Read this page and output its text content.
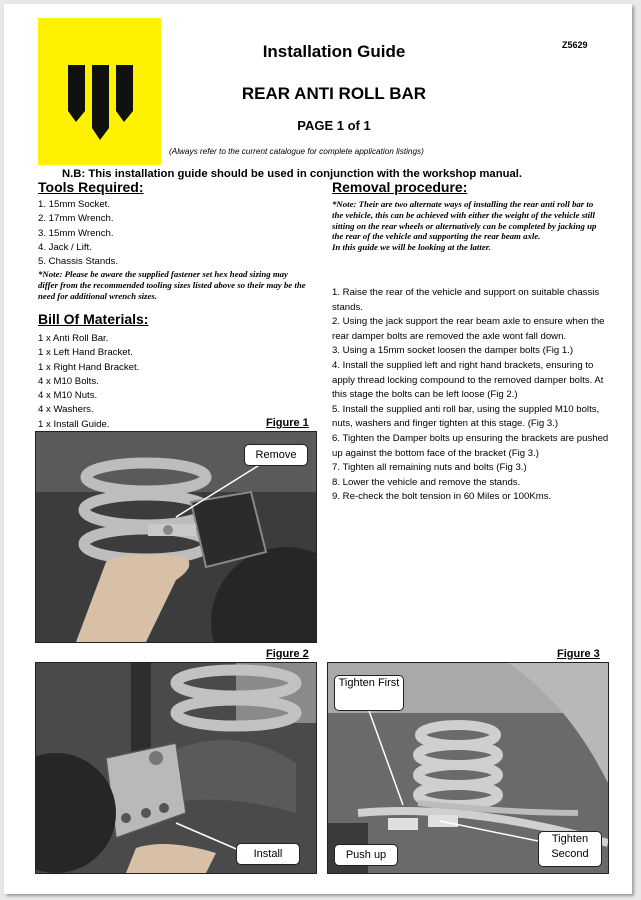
Z5629
Installation Guide
REAR ANTI ROLL BAR
PAGE 1 of 1
(Always refer to the current catalogue for complete application listings)
N.B: This installation guide should be used in conjunction with the workshop manual.
Tools Required:
1. 15mm Socket.
2. 17mm Wrench.
3. 15mm Wrench.
4. Jack / Lift.
5. Chassis Stands.
*Note: Please be aware the supplied fastener set hex head sizing may differ from the recommended tooling sizes listed above so their may be the need for additional wrench sizes.
Bill Of Materials:
1 x Anti Roll Bar.
1 x Left Hand Bracket.
1 x Right Hand Bracket.
4 x M10 Bolts.
4 x M10 Nuts.
4 x Washers.
1 x Install Guide.
Removal procedure:
*Note: Their are two alternate ways of installing the rear anti roll bar to the vehicle, this can be achieved with either the weight of the vehicle still sitting on the rear wheels or alternatively can be completed by jacking up the rear of the vehicle and supporting the rear beam axle.
In this guide we will be looking at the latter.
1. Raise the rear of the vehicle and support on suitable chassis stands.
2. Using the jack support the rear beam axle to ensure when the rear damper bolts are removed the axle wont fall down.
3. Using a 15mm socket loosen the damper bolts (Fig 1.)
4. Install the supplied left and right hand brackets, ensuring to apply thread locking compound to the removed damper bolts. At this stage the bolts can be left loose (Fig 2.)
5. Install the supplied anti roll bar, using the suppled M10 bolts, nuts, washers and finger tighten at this stage. (Fig 3.)
6. Tighten the Damper bolts up ensuring the brackets are pushed up against the bottom face of the bracket (Fig 3.)
7. Tighten all remaining nuts and bolts (Fig 3.)
8. Lower the vehicle and remove the stands.
9. Re-check the bolt tension in 60 Miles or 100Kms.
Figure 1
Remove
Figure 2
Install
Figure 3
Tighten First
Push up
Tighten Second
